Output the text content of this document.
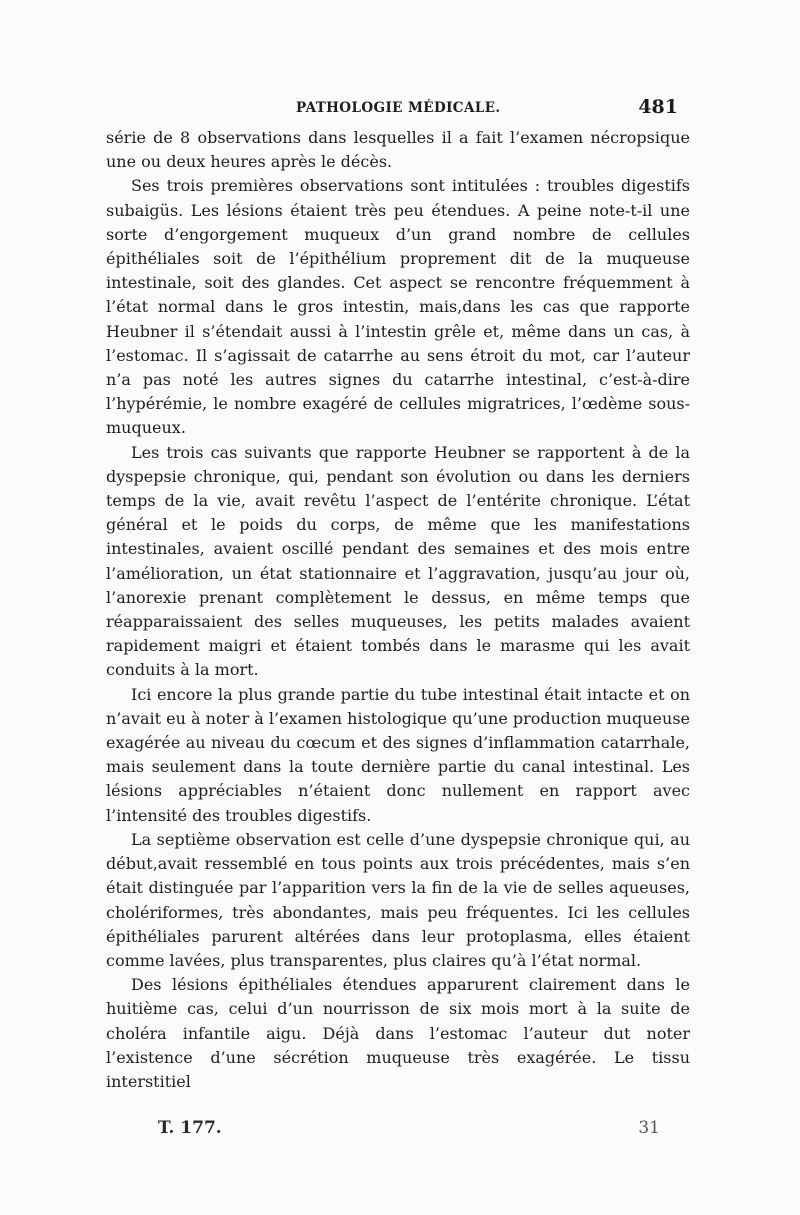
PATHOLOGIE MÉDICALE.	481

série de 8 observations dans lesquelles il a fait l’examen nécropsique une ou deux heures après le décès.

Ses trois premières observations sont intitulées : troubles digestifs subaigüs. Les lésions étaient très peu étendues. A peine note-t-il une sorte d’engorgement muqueux d’un grand nombre de cellules épithéliales soit de l’épithélium proprement dit de la muqueuse intestinale, soit des glandes. Cet aspect se rencontre fréquemment à l’état normal dans le gros intestin, mais,dans les cas que rapporte Heubner il s’étendait aussi à l’intestin grêle et, même dans un cas, à l’estomac. Il s’agissait de catarrhe au sens étroit du mot, car l’auteur n’a pas noté les autres signes du catarrhe intestinal, c’est-à-dire l’hypérémie, le nombre exagéré de cellules migratrices, l’œdème sous-muqueux.

Les trois cas suivants que rapporte Heubner se rapportent à de la dyspepsie chronique, qui, pendant son évolution ou dans les derniers temps de la vie, avait revêtu l’aspect de l’entérite chronique. L’état général et le poids du corps, de même que les manifestations intestinales, avaient oscillé pendant des semaines et des mois entre l’amélioration, un état stationnaire et l’aggravation, jusqu’au jour où, l’anorexie prenant complètement le dessus, en même temps que réapparaissaient des selles muqueuses, les petits malades avaient rapidement maigri et étaient tombés dans le marasme qui les avait conduits à la mort.

Ici encore la plus grande partie du tube intestinal était intacte et on n’avait eu à noter à l’examen histologique qu’une production muqueuse exagérée au niveau du cœcum et des signes d’inflammation catarrhale, mais seulement dans la toute dernière partie du canal intestinal. Les lésions appréciables n’étaient donc nullement en rapport avec l’intensité des troubles digestifs.

La septième observation est celle d’une dyspepsie chronique qui, au début,avait ressemblé en tous points aux trois précédentes, mais s’en était distinguée par l’apparition vers la fin de la vie de selles aqueuses, cholériformes, très abondantes, mais peu fréquentes. Ici les cellules épithéliales parurent altérées dans leur protoplasma, elles étaient comme lavées, plus transparentes, plus claires qu’à l’état normal.

Des lésions épithéliales étendues apparurent clairement dans le huitième cas, celui d’un nourrisson de six mois mort à la suite de choléra infantile aigu. Déjà dans l’estomac l’auteur dut noter l’existence d’une sécrétion muqueuse très exagérée. Le tissu interstitiel

T. 177.	31
